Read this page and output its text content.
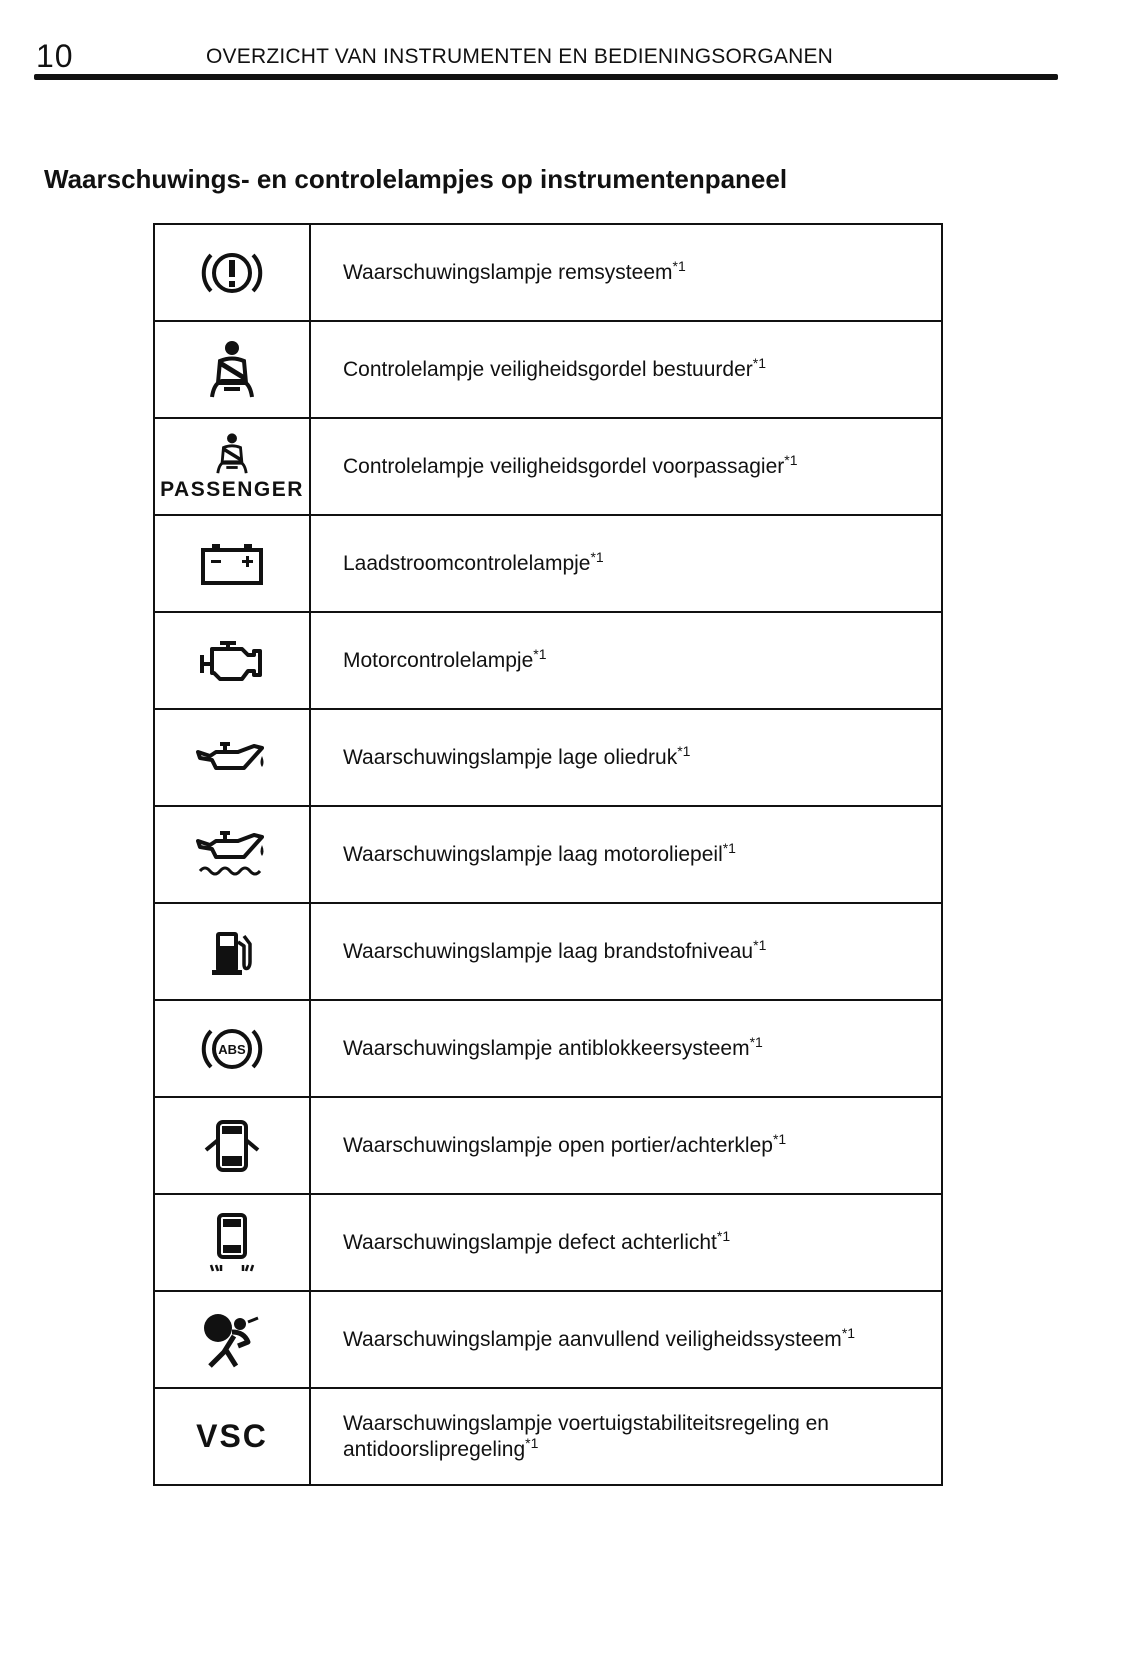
10	OVERZICHT VAN INSTRUMENTEN EN BEDIENINGSORGANEN
Waarschuwings- en controlelampjes op instrumentenpaneel
	Waarschuwingslampje remsysteem$^{*1}$

	Controlelampje veiligheidsgordel bestuurder$^{*1}$

PASSENGER	Controlelampje veiligheidsgordel voorpassagier$^{*1}$

	Laadstroomcontrolelampje$^{*1}$

	Motorcontrolelampje$^{*1}$

	Waarschuwingslampje lage oliedruk$^{*1}$

	Waarschuwingslampje laag motoroliepeil$^{*1}$

	Waarschuwingslampje laag brandstofniveau$^{*1}$

ABS	Waarschuwingslampje antiblokkeersysteem$^{*1}$

	Waarschuwingslampje open portier/achterklep$^{*1}$

	Waarschuwingslampje defect achterlicht$^{*1}$

	Waarschuwingslampje aanvullend veiligheidssysteem$^{*1}$
VSC	Waarschuwingslampje voertuigstabiliteitsregeling en antidoorslipregeling$^{*1}$
